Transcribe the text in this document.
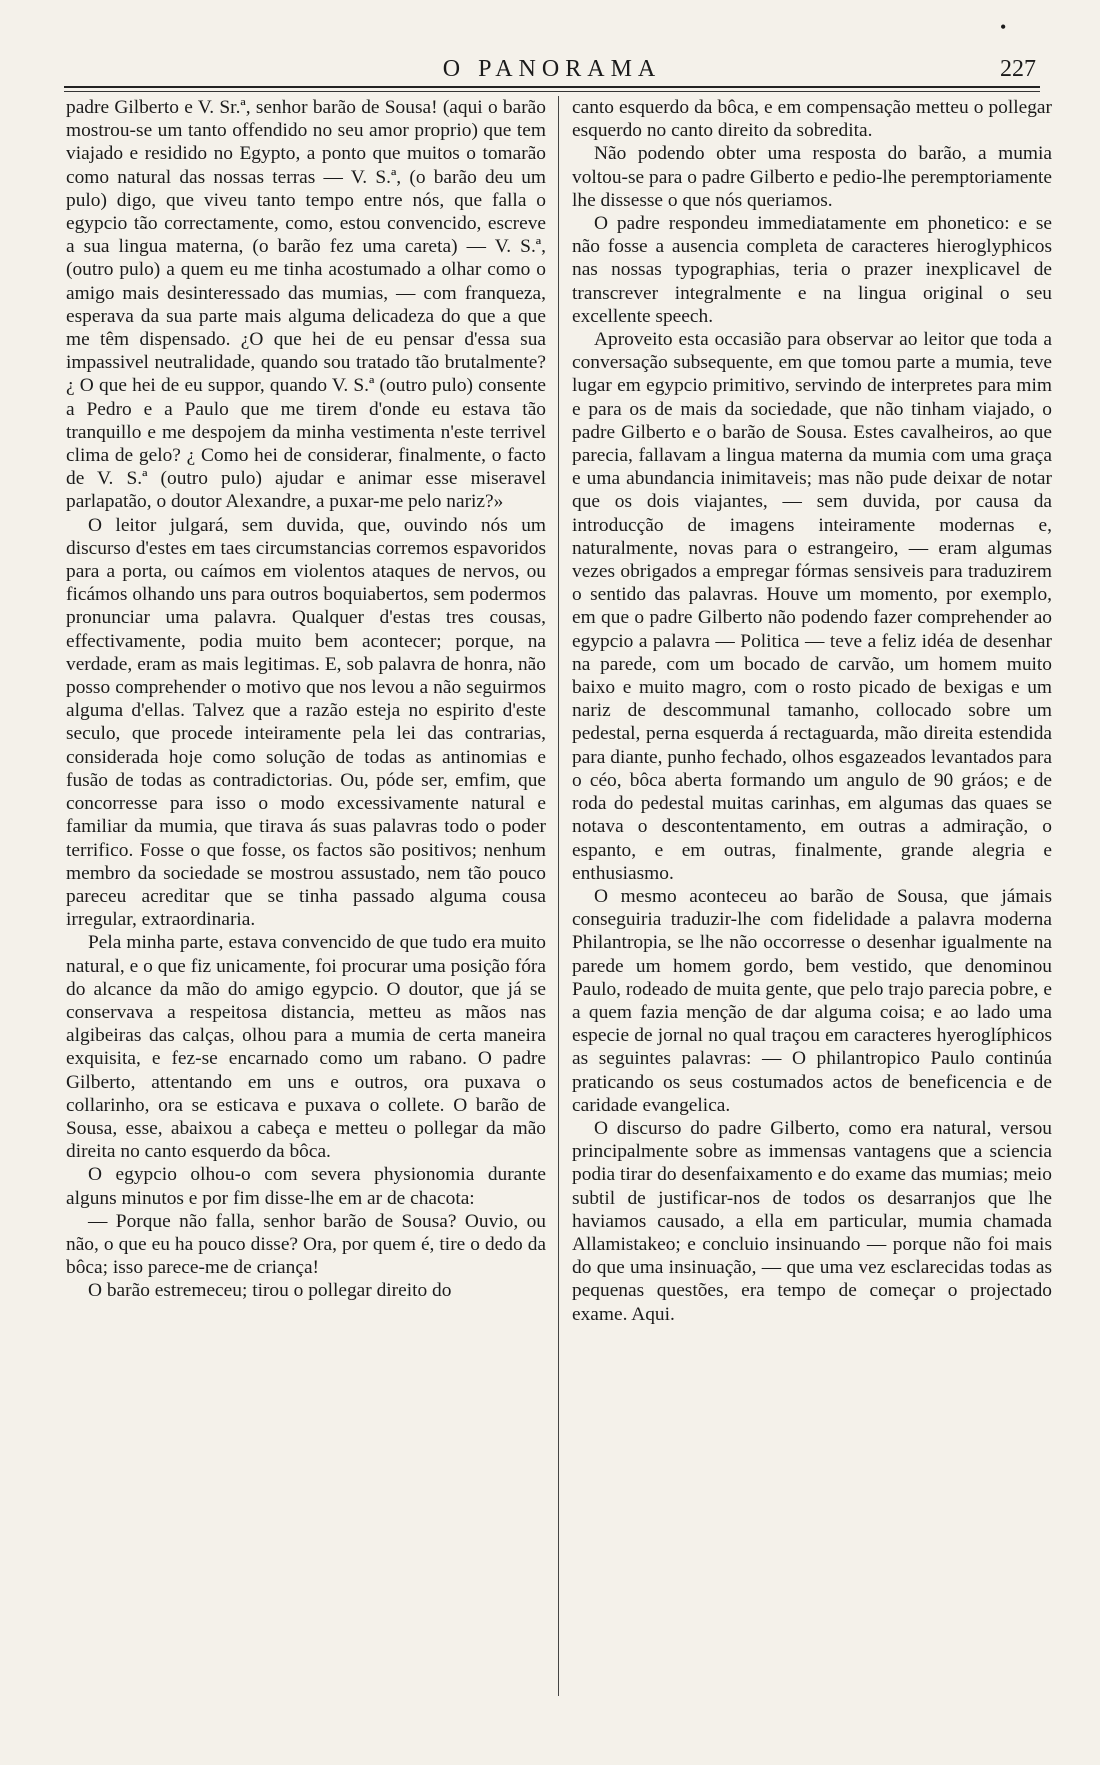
•
O PANORAMA	227

padre Gilberto e V. Sr.ª, senhor barão de Sousa! (aqui o barão mostrou-se um tanto offendido no seu amor proprio) que tem viajado e residido no Egypto, a ponto que muitos o tomarão como natural das nossas terras — V. S.ª, (o barão deu um pulo) digo, que viveu tanto tempo entre nós, que falla o egypcio tão correctamente, como, estou convencido, escreve a sua lingua materna, (o barão fez uma careta) — V. S.ª, (outro pulo) a quem eu me tinha acostumado a olhar como o amigo mais desinteressado das mumias, — com franqueza, esperava da sua parte mais alguma delicadeza do que a que me têm dispensado. ¿O que hei de eu pensar d'essa sua impassivel neutralidade, quando sou tratado tão brutalmente? ¿ O que hei de eu suppor, quando V. S.ª (outro pulo) consente a Pedro e a Paulo que me tirem d'onde eu estava tão tranquillo e me despojem da minha vestimenta n'este terrivel clima de gelo? ¿ Como hei de considerar, finalmente, o facto de V. S.ª (outro pulo) ajudar e animar esse miseravel parlapatão, o doutor Alexandre, a puxar-me pelo nariz?»

O leitor julgará, sem duvida, que, ouvindo nós um discurso d'estes em taes circumstancias corremos espavoridos para a porta, ou caímos em violentos ataques de nervos, ou ficámos olhando uns para outros boquiabertos, sem podermos pronunciar uma palavra. Qualquer d'estas tres cousas, effectivamente, podia muito bem acontecer; porque, na verdade, eram as mais legitimas. E, sob palavra de honra, não posso comprehender o motivo que nos levou a não seguirmos alguma d'ellas. Talvez que a razão esteja no espirito d'este seculo, que procede inteiramente pela lei das contrarias, considerada hoje como solução de todas as antinomias e fusão de todas as contradictorias. Ou, póde ser, emfim, que concorresse para isso o modo excessivamente natural e familiar da mumia, que tirava ás suas palavras todo o poder terrifico. Fosse o que fosse, os factos são positivos; nenhum membro da sociedade se mostrou assustado, nem tão pouco pareceu acreditar que se tinha passado alguma cousa irregular, extraordinaria.

Pela minha parte, estava convencido de que tudo era muito natural, e o que fiz unicamente, foi procurar uma posição fóra do alcance da mão do amigo egypcio. O doutor, que já se conservava a respeitosa distancia, metteu as mãos nas algibeiras das calças, olhou para a mumia de certa maneira exquisita, e fez-se encarnado como um rabano. O padre Gilberto, attentando em uns e outros, ora puxava o collarinho, ora se esticava e puxava o collete. O barão de Sousa, esse, abaixou a cabeça e metteu o pollegar da mão direita no canto esquerdo da bôca.

O egypcio olhou-o com severa physionomia durante alguns minutos e por fim disse-lhe em ar de chacota:

— Porque não falla, senhor barão de Sousa? Ouvio, ou não, o que eu ha pouco disse? Ora, por quem é, tire o dedo da bôca; isso parece-me de criança!

O barão estremeceu; tirou o pollegar direito do

canto esquerdo da bôca, e em compensação metteu o pollegar esquerdo no canto direito da sobredita.

Não podendo obter uma resposta do barão, a mumia voltou-se para o padre Gilberto e pedio-lhe peremptoriamente lhe dissesse o que nós queriamos.

O padre respondeu immediatamente em phonetico: e se não fosse a ausencia completa de caracteres hieroglyphicos nas nossas typographias, teria o prazer inexplicavel de transcrever integralmente e na lingua original o seu excellente speech.

Aproveito esta occasião para observar ao leitor que toda a conversação subsequente, em que tomou parte a mumia, teve lugar em egypcio primitivo, servindo de interpretes para mim e para os de mais da sociedade, que não tinham viajado, o padre Gilberto e o barão de Sousa. Estes cavalheiros, ao que parecia, fallavam a lingua materna da mumia com uma graça e uma abundancia inimitaveis; mas não pude deixar de notar que os dois viajantes, — sem duvida, por causa da introducção de imagens inteiramente modernas e, naturalmente, novas para o estrangeiro, — eram algumas vezes obrigados a empregar fórmas sensiveis para traduzirem o sentido das palavras. Houve um momento, por exemplo, em que o padre Gilberto não podendo fazer comprehender ao egypcio a palavra — Politica — teve a feliz idéa de desenhar na parede, com um bocado de carvão, um homem muito baixo e muito magro, com o rosto picado de bexigas e um nariz de descommunal tamanho, collocado sobre um pedestal, perna esquerda á rectaguarda, mão direita estendida para diante, punho fechado, olhos esgazeados levantados para o céo, bôca aberta formando um angulo de 90 gráos; e de roda do pedestal muitas carinhas, em algumas das quaes se notava o descontentamento, em outras a admiração, o espanto, e em outras, finalmente, grande alegria e enthusiasmo.

O mesmo aconteceu ao barão de Sousa, que jámais conseguiria traduzir-lhe com fidelidade a palavra moderna Philantropia, se lhe não occorresse o desenhar igualmente na parede um homem gordo, bem vestido, que denominou Paulo, rodeado de muita gente, que pelo trajo parecia pobre, e a quem fazia menção de dar alguma coisa; e ao lado uma especie de jornal no qual traçou em caracteres hyeroglíphicos as seguintes palavras: — O philantropico Paulo continúa praticando os seus costumados actos de beneficencia e de caridade evangelica.

O discurso do padre Gilberto, como era natural, versou principalmente sobre as immensas vantagens que a sciencia podia tirar do desenfaixamento e do exame das mumias; meio subtil de justificar-nos de todos os desarranjos que lhe haviamos causado, a ella em particular, mumia chamada Allamistakeo; e concluio insinuando — porque não foi mais do que uma insinuação, — que uma vez esclarecidas todas as pequenas questões, era tempo de começar o projectado exame. Aqui.
